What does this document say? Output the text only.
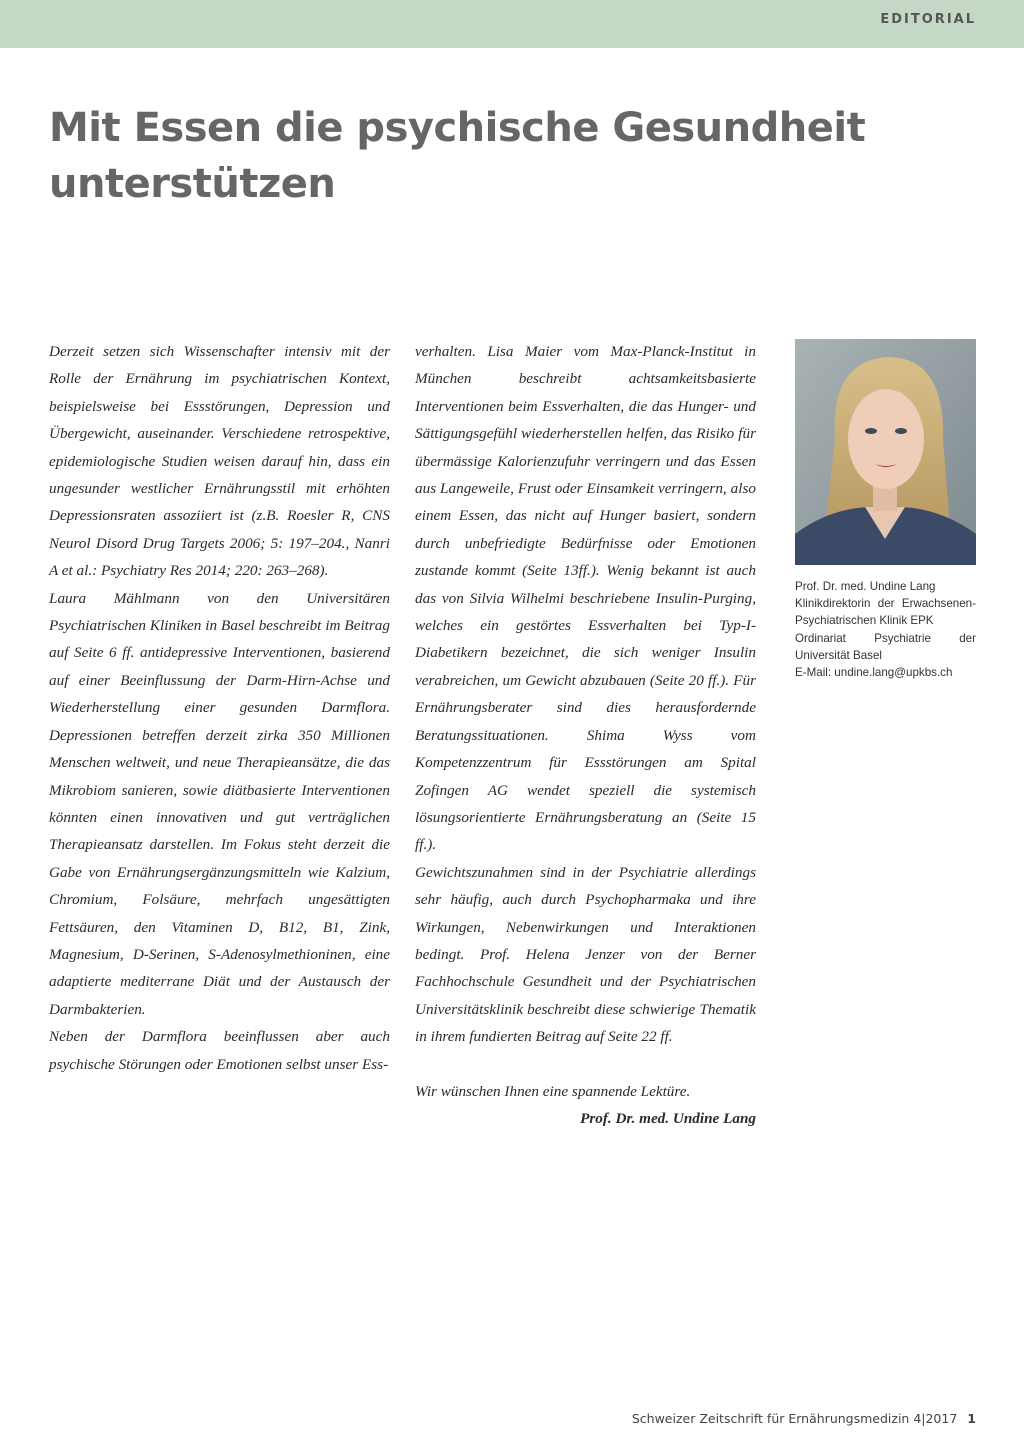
EDITORIAL
Mit Essen die psychische Gesundheit unterstützen

Derzeit setzen sich Wissenschafter intensiv mit der Rolle der Ernährung im psychiatrischen Kontext, beispielsweise bei Essstörungen, Depression und Übergewicht, auseinander. Verschiedene retrospektive, epidemiologische Studien weisen darauf hin, dass ein ungesunder westlicher Ernährungsstil mit erhöhten Depressionsraten assoziiert ist (z.B. Roesler R, CNS Neurol Disord Drug Targets 2006; 5: 197–204., Nanri A et al.: Psychiatry Res 2014; 220: 263–268).

Laura Mählmann von den Universitären Psychiatrischen Kliniken in Basel beschreibt im Beitrag auf Seite 6 ff. antidepressive Interventionen, basierend auf einer Beeinflussung der Darm-Hirn-Achse und Wiederherstellung einer gesunden Darmflora. Depressionen betreffen derzeit zirka 350 Millionen Menschen weltweit, und neue Therapieansätze, die das Mikrobiom sanieren, sowie diätbasierte Interventionen könnten einen innovativen und gut verträglichen Therapieansatz darstellen. Im Fokus steht derzeit die Gabe von Ernährungsergänzungsmitteln wie Kalzium, Chromium, Folsäure, mehrfach ungesättigten Fettsäuren, den Vitaminen D, B12, B1, Zink, Magnesium, D-Serinen, S-Adenosylmethioninen, eine adaptierte mediterrane Diät und der Austausch der Darmbakterien.

Neben der Darmflora beeinflussen aber auch psychische Störungen oder Emotionen selbst unser Ess-

verhalten. Lisa Maier vom Max-Planck-Institut in München beschreibt achtsamkeitsbasierte Interventionen beim Essverhalten, die das Hunger- und Sättigungsgefühl wiederherstellen helfen, das Risiko für übermässige Kalorienzufuhr verringern und das Essen aus Langeweile, Frust oder Einsamkeit verringern, also einem Essen, das nicht auf Hunger basiert, sondern durch unbefriedigte Bedürfnisse oder Emotionen zustande kommt (Seite 13ff.). Wenig bekannt ist auch das von Silvia Wilhelmi beschriebene Insulin-Purging, welches ein gestörtes Essverhalten bei Typ-I-Diabetikern bezeichnet, die sich weniger Insulin verabreichen, um Gewicht abzubauen (Seite 20 ff.). Für Ernährungsberater sind dies herausfordernde Beratungssituationen. Shima Wyss vom Kompetenzzentrum für Essstörungen am Spital Zofingen AG wendet speziell die systemisch lösungsorientierte Ernährungsberatung an (Seite 15 ff.).

Gewichtszunahmen sind in der Psychiatrie allerdings sehr häufig, auch durch Psychopharmaka und ihre Wirkungen, Nebenwirkungen und Interaktionen bedingt. Prof. Helena Jenzer von der Berner Fachhochschule Gesundheit und der Psychiatrischen Universitätsklinik beschreibt diese schwierige Thematik in ihrem fundierten Beitrag auf Seite 22 ff.

Wir wünschen Ihnen eine spannende Lektüre.

Prof. Dr. med. Undine Lang

Prof. Dr. med. Undine Lang
Klinikdirektorin der Erwachsenen-Psychiatrischen Klinik EPK
Ordinariat Psychiatrie der Universität Basel
E-Mail: undine.lang@upkbs.ch
Schweizer Zeitschrift für Ernährungsmedizin 4|2017 1
